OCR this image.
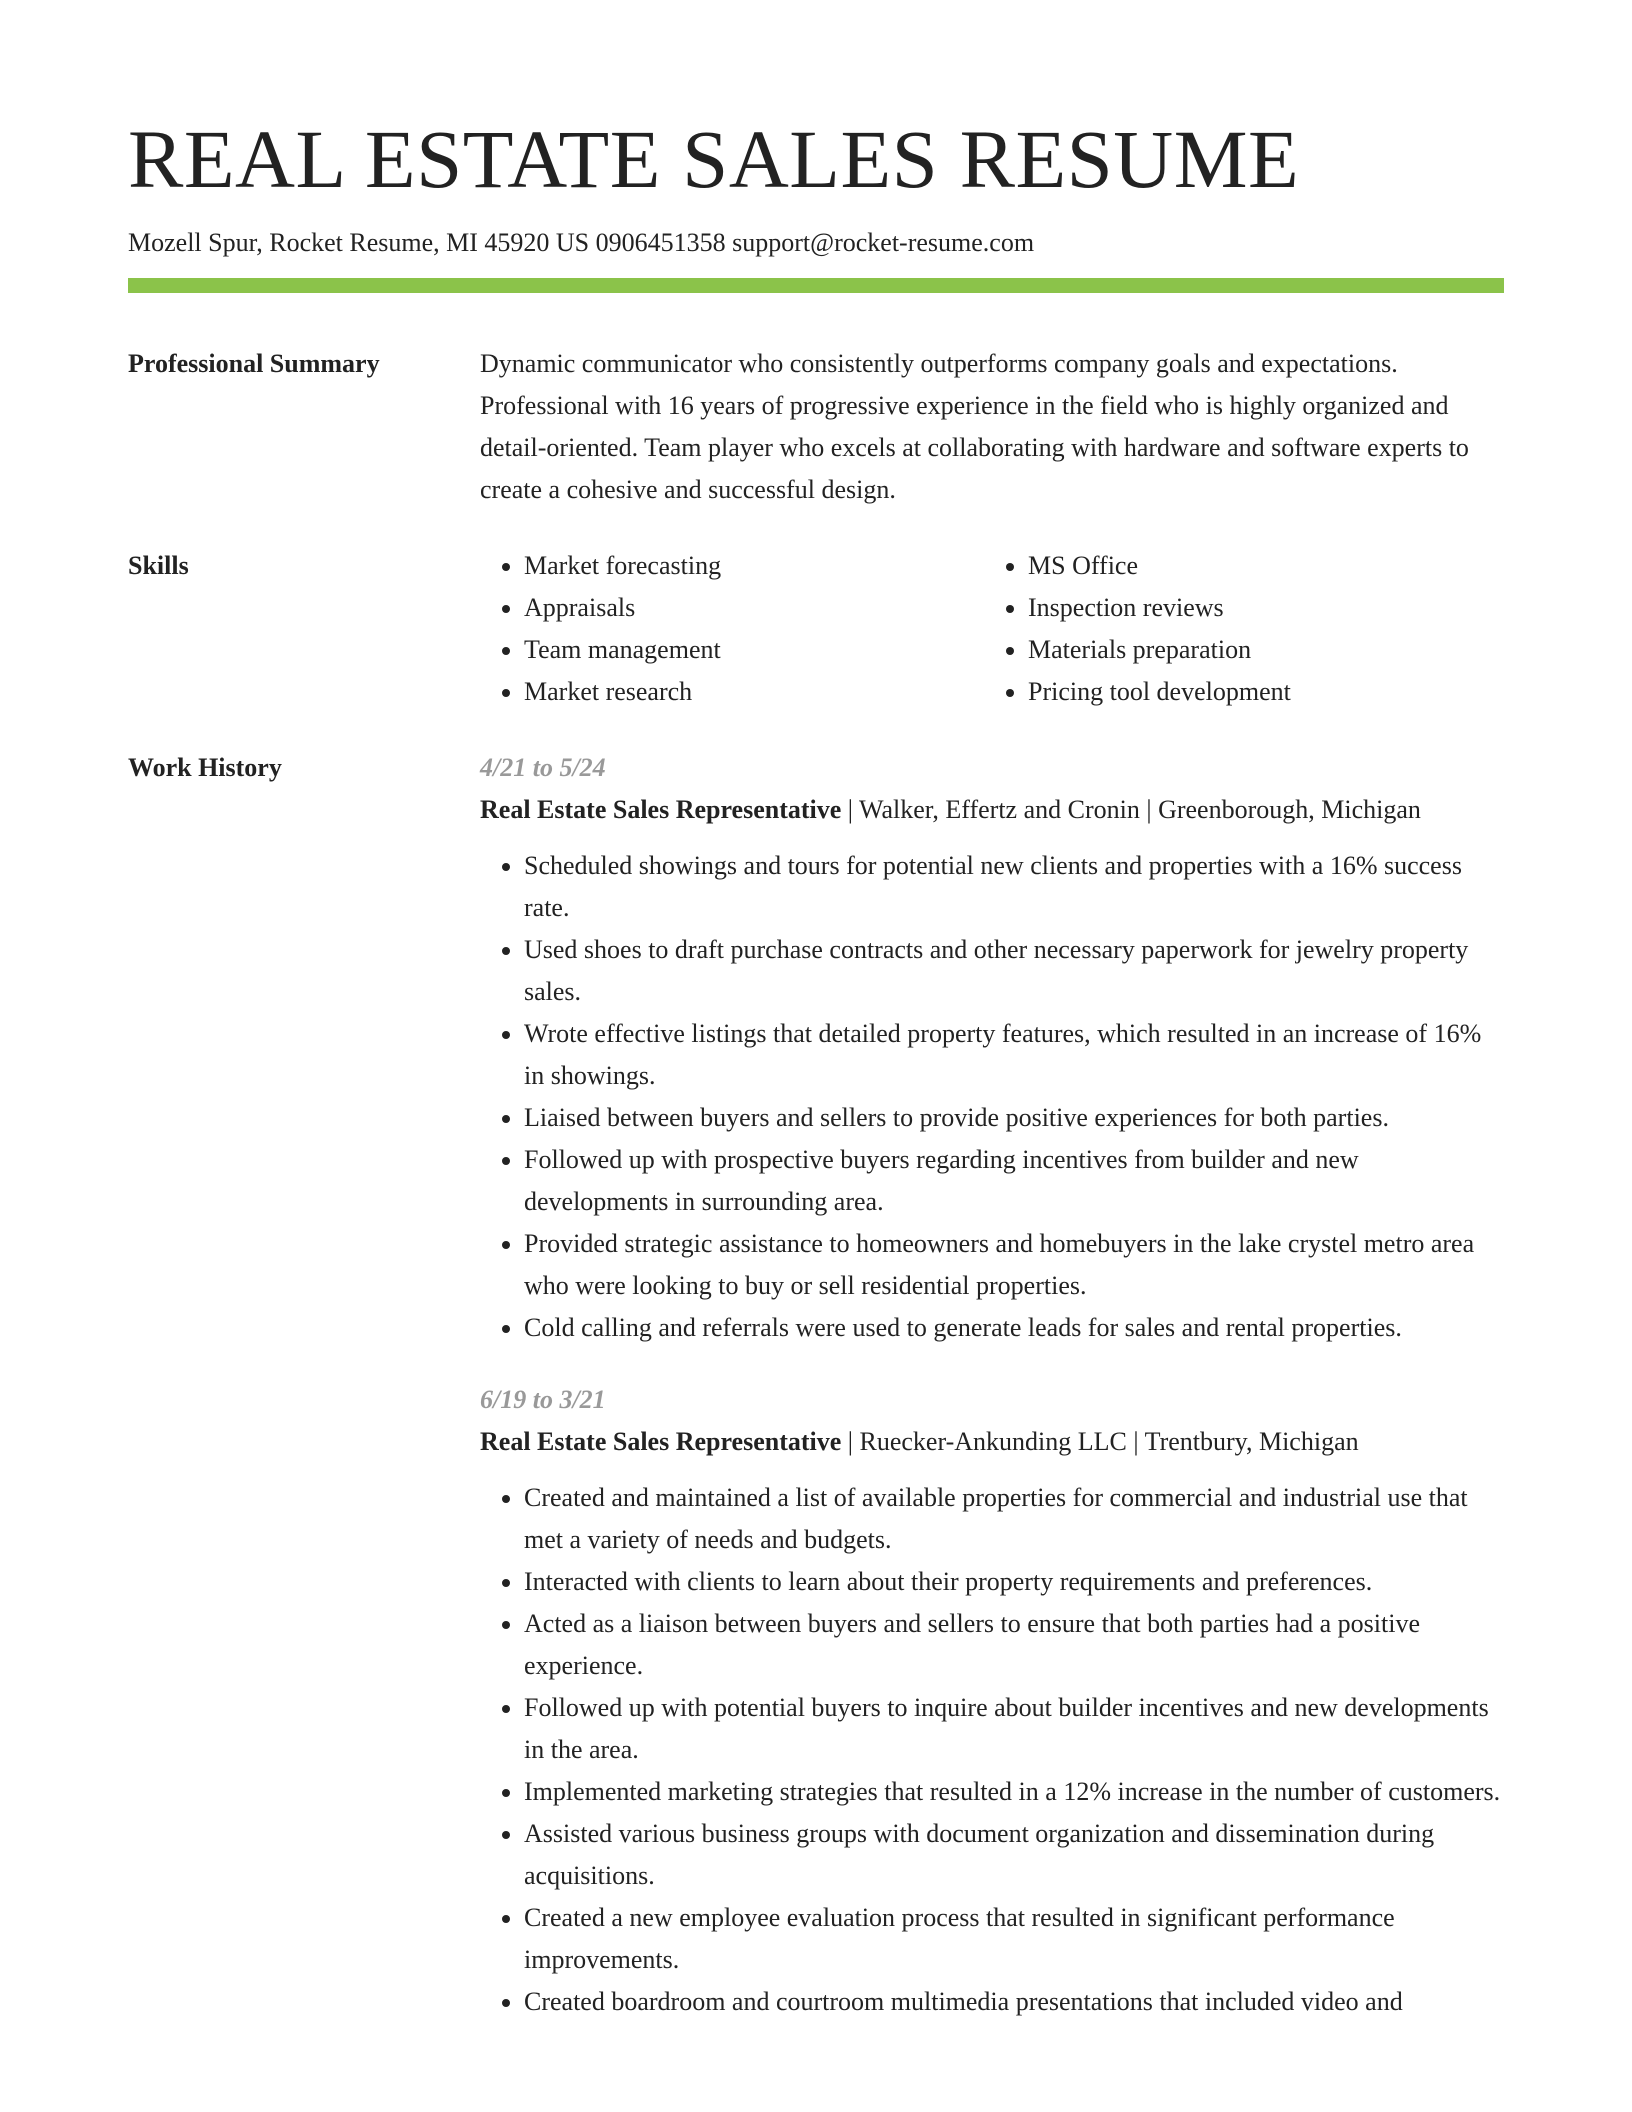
REAL ESTATE SALES RESUME
Mozell Spur, Rocket Resume, MI 45920 US 0906451358 support@rocket-resume.com
Professional Summary	Dynamic communicator who consistently outperforms company goals and expectations. Professional with 16 years of progressive experience in the field who is highly organized and detail-oriented. Team player who excels at collaborating with hardware and software experts to create a cohesive and successful design.
Skills
•	Market forecasting
• Appraisals
• Team management
• Market research
• MS Office
• Inspection reviews
• Materials preparation
• Pricing tool development
Work History	4/21 to 5/24
Real Estate Sales Representative | Walker, Effertz and Cronin | Greenborough, Michigan
• Scheduled showings and tours for potential new clients and properties with a 16% success rate.
• Used shoes to draft purchase contracts and other necessary paperwork for jewelry property sales.
• Wrote effective listings that detailed property features, which resulted in an increase of 16% in showings.
• Liaised between buyers and sellers to provide positive experiences for both parties.
• Followed up with prospective buyers regarding incentives from builder and new developments in surrounding area.
• Provided strategic assistance to homeowners and homebuyers in the lake crystel metro area who were looking to buy or sell residential properties.
• Cold calling and referrals were used to generate leads for sales and rental properties.
6/19 to 3/21
Real Estate Sales Representative | Ruecker-Ankunding LLC | Trentbury, Michigan
• Created and maintained a list of available properties for commercial and industrial use that met a variety of needs and budgets.
• Interacted with clients to learn about their property requirements and preferences.
• Acted as a liaison between buyers and sellers to ensure that both parties had a positive experience.
• Followed up with potential buyers to inquire about builder incentives and new developments in the area.
• Implemented marketing strategies that resulted in a 12% increase in the number of customers.
• Assisted various business groups with document organization and dissemination during acquisitions.
• Created a new employee evaluation process that resulted in significant performance improvements.
• Created boardroom and courtroom multimedia presentations that included video and
